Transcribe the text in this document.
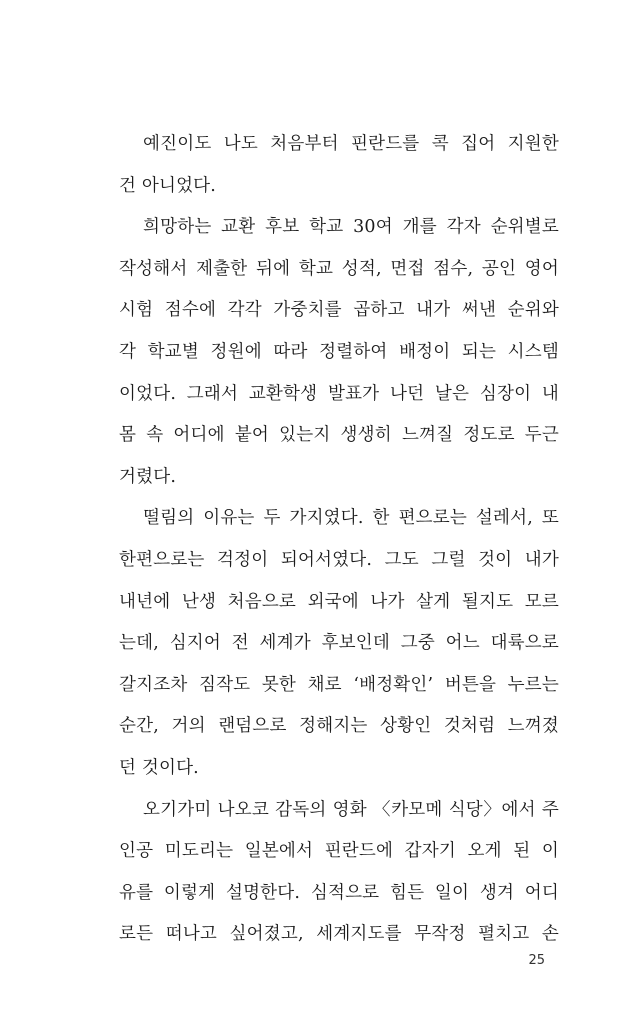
예진이도 나도 처음부터 핀란드를 콕 집어 지원한
건 아니었다.
희망하는 교환 후보 학교 30여 개를 각자 순위별로
작성해서 제출한 뒤에 학교 성적, 면접 점수, 공인 영어
시험 점수에 각각 가중치를 곱하고 내가 써낸 순위와
각 학교별 정원에 따라 정렬하여 배정이 되는 시스템
이었다. 그래서 교환학생 발표가 나던 날은 심장이 내
몸 속 어디에 붙어 있는지 생생히 느껴질 정도로 두근
거렸다.
떨림의 이유는 두 가지였다. 한 편으로는 설레서, 또
한편으로는 걱정이 되어서였다. 그도 그럴 것이 내가
내년에 난생 처음으로 외국에 나가 살게 될지도 모르
는데, 심지어 전 세계가 후보인데 그중 어느 대륙으로
갈지조차 짐작도 못한 채로 ‘배정확인’ 버튼을 누르는
순간, 거의 랜덤으로 정해지는 상황인 것처럼 느껴졌
던 것이다.
오기가미 나오코 감독의 영화 〈카모메 식당〉에서 주
인공 미도리는 일본에서 핀란드에 갑자기 오게 된 이
유를 이렇게 설명한다. 심적으로 힘든 일이 생겨 어디
로든 떠나고 싶어졌고, 세계지도를 무작정 펼치고 손
25
